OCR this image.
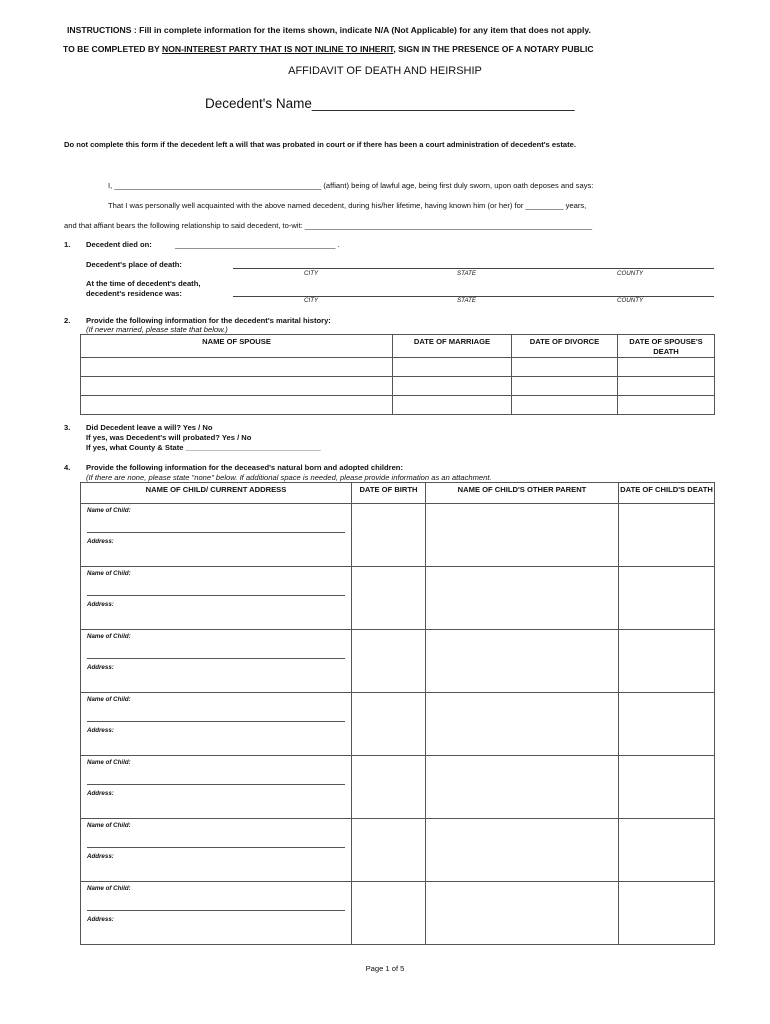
INSTRUCTIONS : Fill in complete information for the items shown, indicate N/A (Not Applicable) for any item that does not apply.
TO BE COMPLETED BY NON-INTEREST PARTY THAT IS NOT INLINE TO INHERIT, SIGN IN THE PRESENCE OF A NOTARY PUBLIC
AFFIDAVIT OF DEATH AND HEIRSHIP
Decedent's Name___________________________________
Do not complete this form if the decedent left a will that was probated in court or if there has been a court administration of decedent's estate.
I, _________________________________________________ (affiant) being of lawful age, being first duly sworn, upon oath deposes and says:
That I was personally well acquainted with the above named decedent, during his/her lifetime, having known him (or her) for _________ years,
and that affiant bears the following relationship to said decedent, to-wit: ____________________________________________________________________
1. Decedent died on:	______________________________________ .
Decedent's place of death:
CITY	STATE	COUNTY
At the time of decedent's death,
decedent's residence was:
CITY	STATE	COUNTY
2. Provide the following information for the decedent's marital history:
(If never married, please state that below.)
NAME OF SPOUSE	DATE OF MARRIAGE	DATE OF DIVORCE	DATE OF SPOUSE'S DEATH

3. Did Decedent leave a will? Yes / No
If yes, was Decedent's will probated? Yes / No
If yes, what County & State ________________________________
4. Provide the following information for the deceased's natural born and adopted children:
(If there are none, please state "none" below. If additional space is needed, please provide information as an attachment.
NAME OF CHILD/ CURRENT ADDRESS	DATE OF BIRTH	NAME OF CHILD'S OTHER PARENT	DATE OF CHILD'S DEATH

Name of Child:
Address:			

Name of Child:
Address:			

Name of Child:
Address:			

Name of Child:
Address:			

Name of Child:
Address:			

Name of Child:
Address:			

Name of Child:
Address:			

Page 1 of 5
